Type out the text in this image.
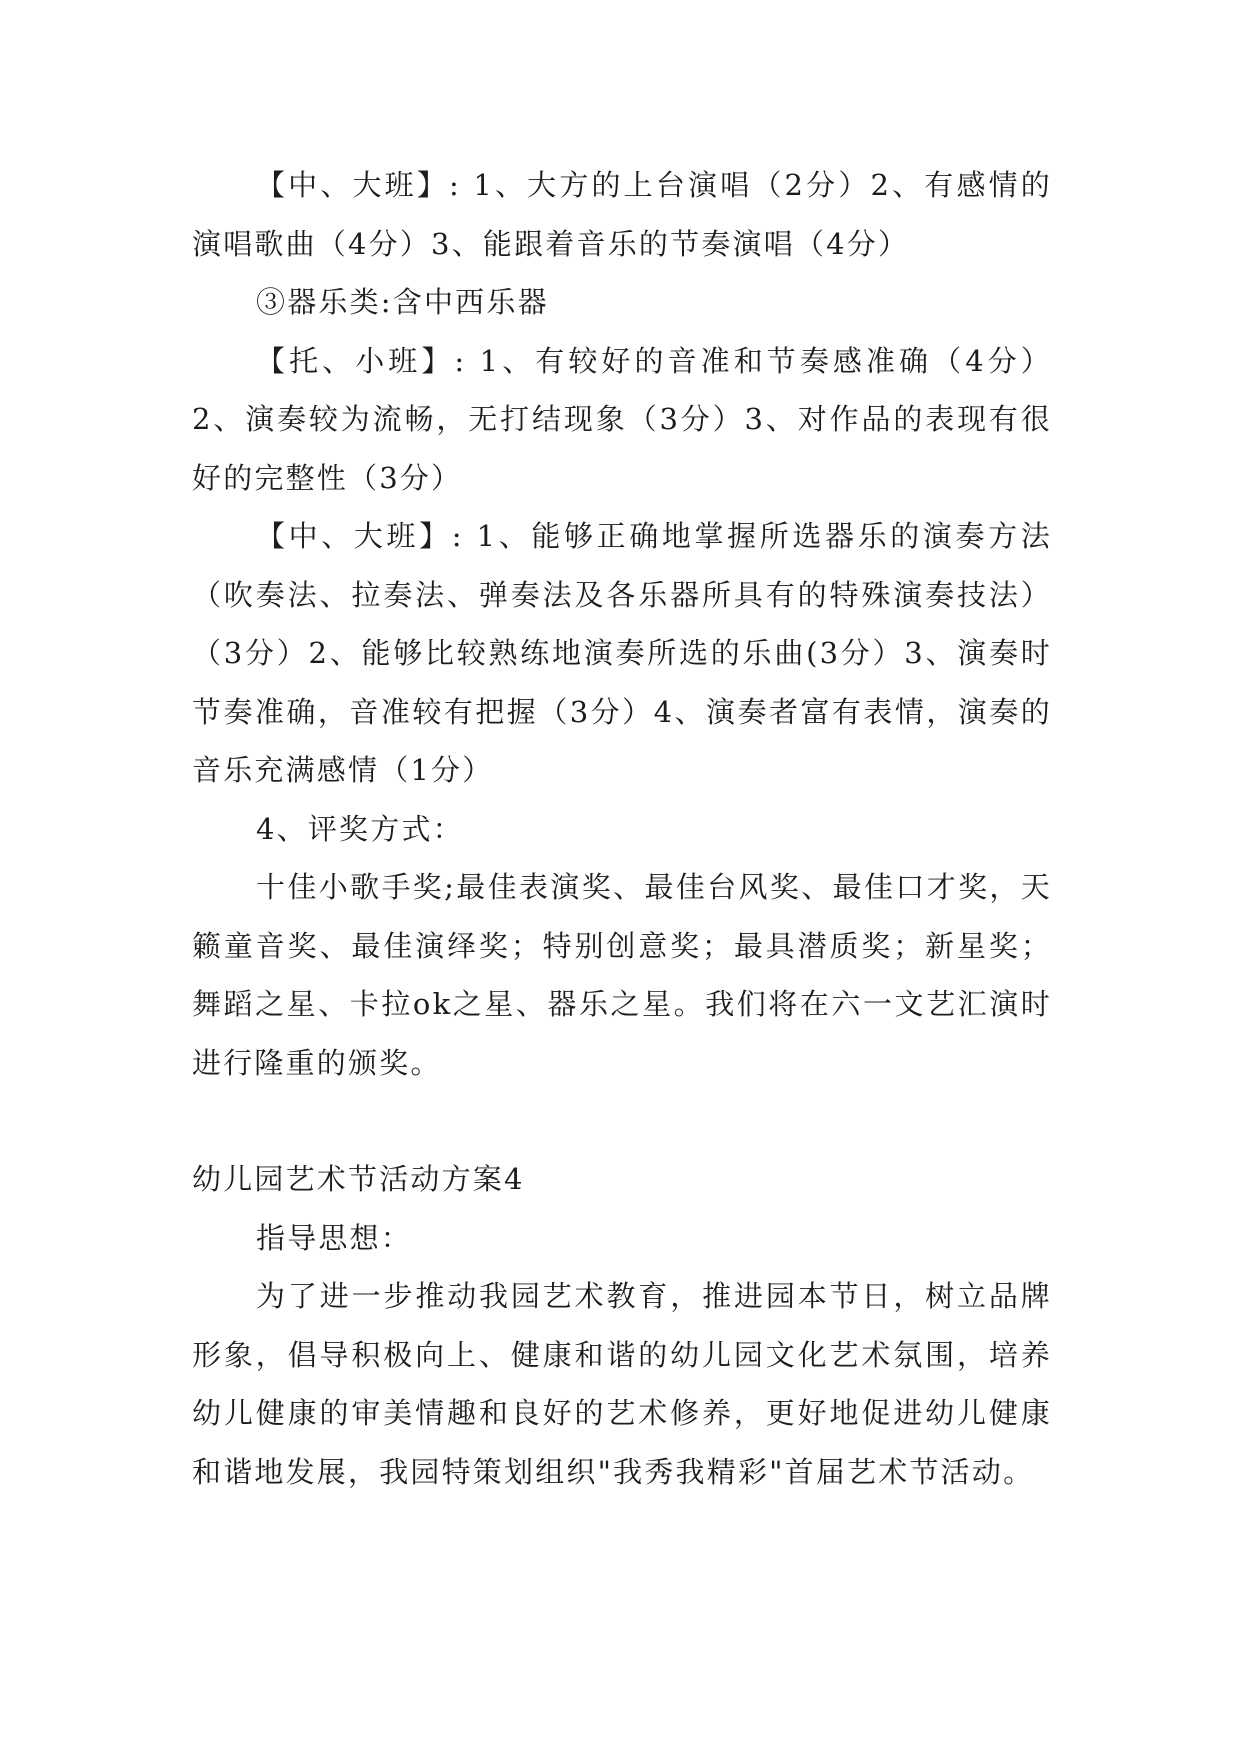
【中、大班】: 1、大方的上台演唱（2分）2、有感情的演唱歌曲（4分）3、能跟着音乐的节奏演唱（4分）

③器乐类:含中西乐器

【托、小班】: 1、有较好的音准和节奏感准确（4分）2、演奏较为流畅，无打结现象（3分）3、对作品的表现有很好的完整性（3分）

【中、大班】: 1、能够正确地掌握所选器乐的演奏方法（吹奏法、拉奏法、弹奏法及各乐器所具有的特殊演奏技法）（3分）2、能够比较熟练地演奏所选的乐曲(3分）3、演奏时节奏准确，音准较有把握（3分）4、演奏者富有表情，演奏的音乐充满感情（1分）

4、评奖方式：

十佳小歌手奖;最佳表演奖、最佳台风奖、最佳口才奖，天籁童音奖、最佳演绎奖；特别创意奖；最具潜质奖；新星奖；舞蹈之星、卡拉ok之星、器乐之星。我们将在六一文艺汇演时进行隆重的颁奖。

幼儿园艺术节活动方案4

指导思想：

为了进一步推动我园艺术教育，推进园本节日，树立品牌形象，倡导积极向上、健康和谐的幼儿园文化艺术氛围，培养幼儿健康的审美情趣和良好的艺术修养，更好地促进幼儿健康和谐地发展，我园特策划组织"我秀我精彩"首届艺术节活动。
